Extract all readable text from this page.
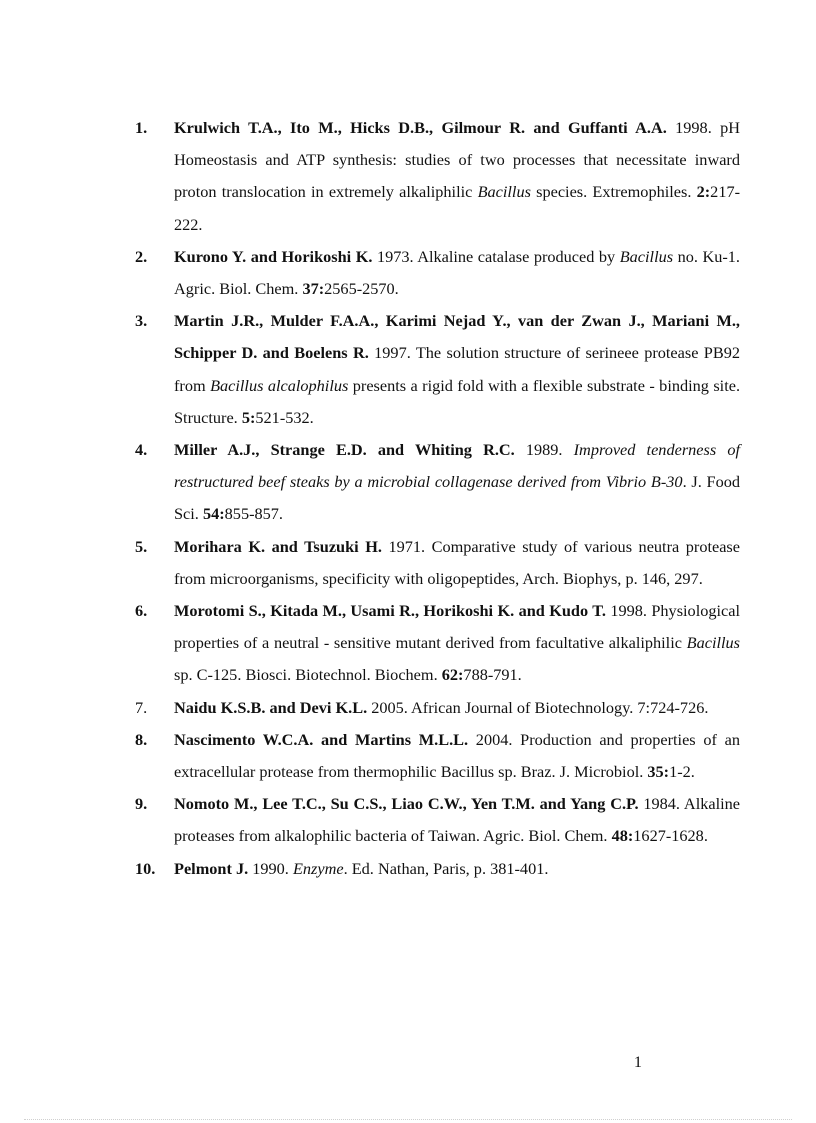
1. Krulwich T.A., Ito M., Hicks D.B., Gilmour R. and Guffanti A.A. 1998. pH Homeostasis and ATP synthesis: studies of two processes that necessitate inward proton translocation in extremely alkaliphilic Bacillus species. Extremophiles. 2:217-222.
2. Kurono Y. and Horikoshi K. 1973. Alkaline catalase produced by Bacillus no. Ku-1. Agric. Biol. Chem. 37:2565-2570.
3. Martin J.R., Mulder F.A.A., Karimi Nejad Y., van der Zwan J., Mariani M., Schipper D. and Boelens R. 1997. The solution structure of serineee protease PB92 from Bacillus alcalophilus presents a rigid fold with a flexible substrate - binding site. Structure. 5:521-532.
4. Miller A.J., Strange E.D. and Whiting R.C. 1989. Improved tenderness of restructured beef steaks by a microbial collagenase derived from Vibrio B-30. J. Food Sci. 54:855-857.
5. Morihara K. and Tsuzuki H. 1971. Comparative study of various neutra protease from microorganisms, specificity with oligopeptides, Arch. Biophys, p. 146, 297.
6. Morotomi S., Kitada M., Usami R., Horikoshi K. and Kudo T. 1998. Physiological properties of a neutral - sensitive mutant derived from facultative alkaliphilic Bacillus sp. C-125. Biosci. Biotechnol. Biochem. 62:788-791.
7. Naidu K.S.B. and Devi K.L. 2005. African Journal of Biotechnology. 7:724-726.
8. Nascimento W.C.A. and Martins M.L.L. 2004. Production and properties of an extracellular protease from thermophilic Bacillus sp. Braz. J. Microbiol. 35:1-2.
9. Nomoto M., Lee T.C., Su C.S., Liao C.W., Yen T.M. and Yang C.P. 1984. Alkaline proteases from alkalophilic bacteria of Taiwan. Agric. Biol. Chem. 48:1627-1628.
10. Pelmont J. 1990. Enzyme. Ed. Nathan, Paris, p. 381-401.
1
